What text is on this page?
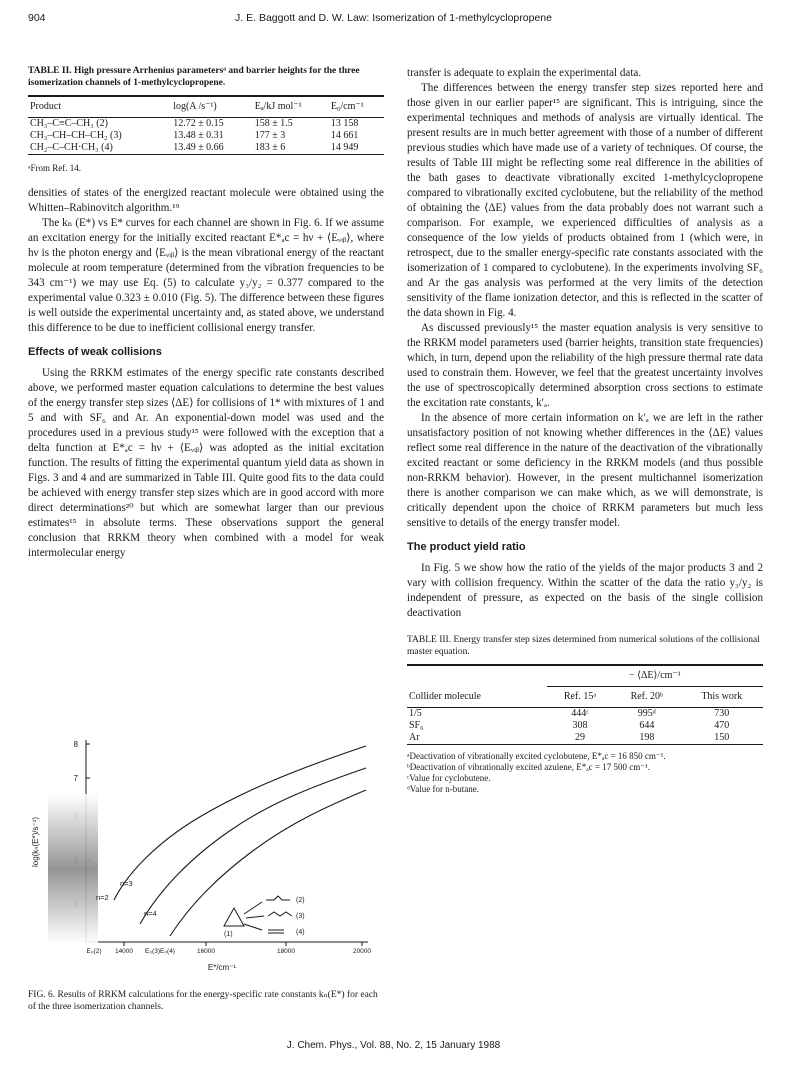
904	J. E. Baggott and D. W. Law: Isomerization of 1-methylcyclopropene
TABLE II. High pressure Arrhenius parametersᵃ and barrier heights for the three isomerization channels of 1-methylcyclopropene.
Product	log(A /s⁻¹)	Eₐ/kJ mol⁻¹	E₀/cm⁻¹
CH₃–C≡C–CH₃ (2)	12.72 ± 0.15	158 ± 1.5	13 158
CH₃–CH–CH–CH₂ (3)	13.48 ± 0.31	177 ± 3	14 661
CH₂–C–CH·CH₃ (4)	13.49 ± 0.66	183 ± 6	14 949
ᵃFrom Ref. 14.

densities of states of the energized reactant molecule were obtained using the Whitten–Rabinovitch algorithm.¹⁹

The kₙ (E*) vs E* curves for each channel are shown in Fig. 6. If we assume an excitation energy for the initially excited reactant E*ₐc = hν + ⟨Eᵥᵢᵦ⟩, where hν is the photon energy and ⟨Eᵥᵢᵦ⟩ is the mean vibrational energy of the reactant molecule at room temperature (determined from the vibration frequencies to be 343 cm⁻¹) we may use Eq. (5) to calculate y₃/y₂ = 0.377 compared to the experimental value 0.323 ± 0.010 (Fig. 5). The difference between these figures is well outside the experimental uncertainty and, as stated above, we understand this difference to be due to inefficient collisional energy transfer.

Effects of weak collisions

Using the RRKM estimates of the energy specific rate constants described above, we performed master equation calculations to determine the best values of the energy transfer step sizes ⟨ΔE⟩ for collisions of 1* with mixtures of 1 and 5 and with SF₆ and Ar. An exponential-down model was used and the procedures used in a previous study¹⁵ were followed with the exception that a delta function at E*ₐc = hν + ⟨Eᵥᵢᵦ⟩ was adopted as the initial excitation function. The results of fitting the experimental quantum yield data as shown in Figs. 3 and 4 and are summarized in Table III. Quite good fits to the data could be achieved with energy transfer step sizes which are in good accord with more direct determinations²⁰ but which are somewhat larger than our previous estimates¹⁵ in absolute terms. These observations support the general conclusion that RRKM theory when combined with a model for weak intermolecular energy

7
8
log(kₙ(E*)/s⁻¹)
n=2
n=3
n=4
(2)
(3)
(4)
(1)
14000	16000	18000	20000
E₀(2)	E₀(3)E₀(4)
E*/cm⁻¹
FIG. 6. Results of RRKM calculations for the energy-specific rate constants kₙ(E*) for each of the three isomerization channels.

transfer is adequate to explain the experimental data.

The differences between the energy transfer step sizes reported here and those given in our earlier paper¹⁵ are significant. This is intriguing, since the experimental techniques and methods of analysis are virtually identical. The present results are in much better agreement with those of a number of different previous studies which have made use of a variety of techniques. Of course, the results of Table III might be reflecting some real difference in the abilities of the bath gases to deactivate vibrationally excited 1-methylcyclopropene compared to vibrationally excited cyclobutene, but the reliability of the method of obtaining the ⟨ΔE⟩ values from the data probably does not warrant such a comparison. For example, we experienced difficulties of analysis as a consequence of the low yields of products obtained from 1 (which were, in retrospect, due to the smaller energy-specific rate constants associated with the isomerization of 1 compared to cyclobutene). In the experiments involving SF₆ and Ar the gas analysis was performed at the very limits of the detection sensitivity of the flame ionization detector, and this is reflected in the scatter of the data shown in Fig. 4.

As discussed previously¹⁵ the master equation analysis is very sensitive to the RRKM model parameters used (barrier heights, transition state frequencies) which, in turn, depend upon the reliability of the high pressure thermal rate data used to constrain them. However, we feel that the greatest uncertainty involves the use of spectroscopically determined absorption cross sections to estimate the excitation rate constants, k′ₐ.

In the absence of more certain information on k′ₐ we are left in the rather unsatisfactory position of not knowing whether differences in the ⟨ΔE⟩ values reflect some real difference in the nature of the deactivation of the vibrationally excited reactant or some deficiency in the RRKM models (and thus possible non-RRKM behavior). However, in the present multichannel isomerization there is another comparison we can make which, as we will demonstrate, is critically dependent upon the choice of RRKM parameters but much less sensitive to details of the energy transfer model.

The product yield ratio

In Fig. 5 we show how the ratio of the yields of the major products 3 and 2 vary with collision frequency. Within the scatter of the data the ratio y₃/y₂ is independent of pressure, as expected on the basis of the single collision deactivation

TABLE III. Energy transfer step sizes determined from numerical solutions of the collisional master equation.
	− ⟨ΔE⟩/cm⁻¹		
Collider molecule	Ref. 15ᵃ	Ref. 20ᵇ	This work
1/5	444ᶜ	995ᵈ	730
SF₆	308	644	470
Ar	29	198	150
ᵃDeactivation of vibrationally excited cyclobutene, E*ₐc = 16 850 cm⁻¹.
ᵇDeactivation of vibrationally excited azulene, E*ₐc = 17 500 cm⁻¹.
ᶜValue for cyclobutene.
ᵈValue for n-butane.
J. Chem. Phys., Vol. 88, No. 2, 15 January 1988
